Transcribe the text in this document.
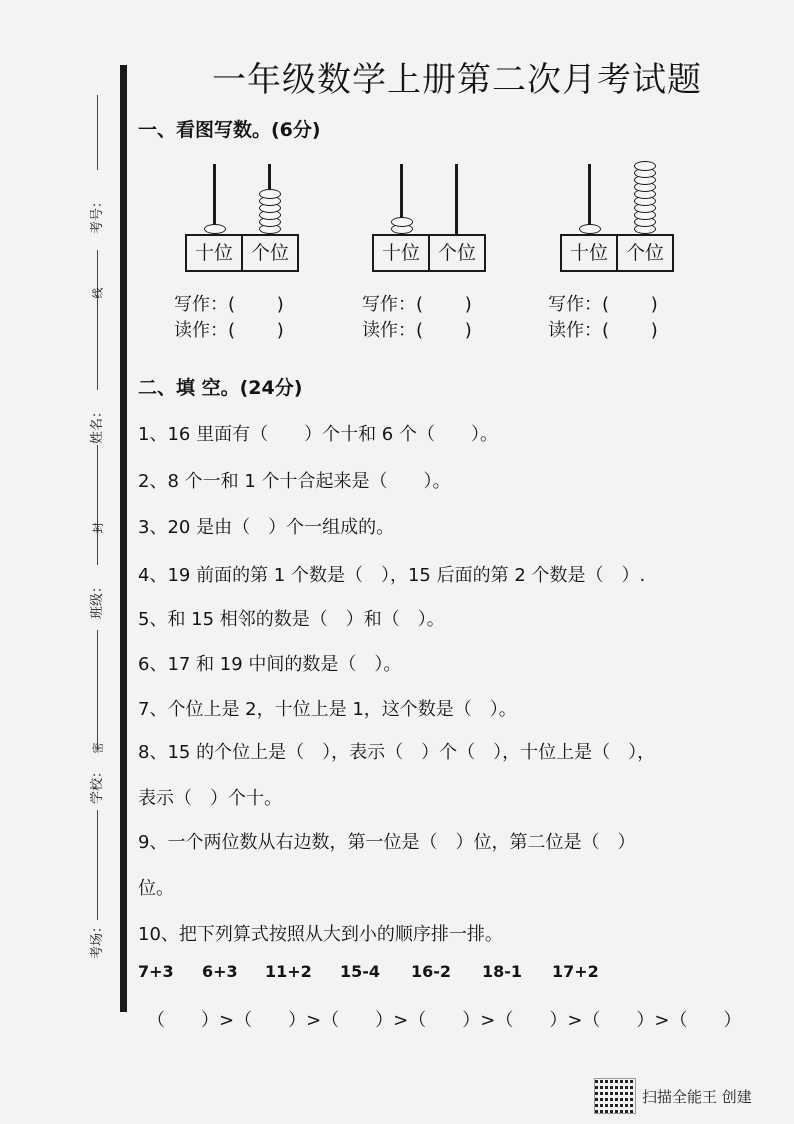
考号：
线
姓名：
封
班级：
密
学校：
考场：
一年级数学上册第二次月考试题
一、看图写数。(6分)
十位 个位	十位 个位	十位 个位
写作：(　　 )
读作：(　　 )
写作：(　　 )
读作：(　　 )
写作：(　　 )
读作：(　　 )
二、填 空。(24分)
1、16 里面有（　　）个十和 6 个（　　）。
2、8 个一和 1 个十合起来是（　　）。
3、20 是由（　）个一组成的。
4、19 前面的第 1 个数是（　），15 后面的第 2 个数是（　）.
5、和 15 相邻的数是（　）和（　）。
6、17 和 19 中间的数是（　）。
7、个位上是 2，十位上是 1，这个数是（　）。
8、15 的个位上是（　），表示（　）个（　），十位上是（　），
表示（　）个十。
9、一个两位数从右边数，第一位是（　）位，第二位是（　）
位。
10、把下列算式按照从大到小的顺序排一排。
7+3 6+3 11+2 15-4 16-2 18-1 17+2
（　　）>（　　）>（　　）>（　　）>（　　）>（　　）>（　　）
扫描全能王 创建
